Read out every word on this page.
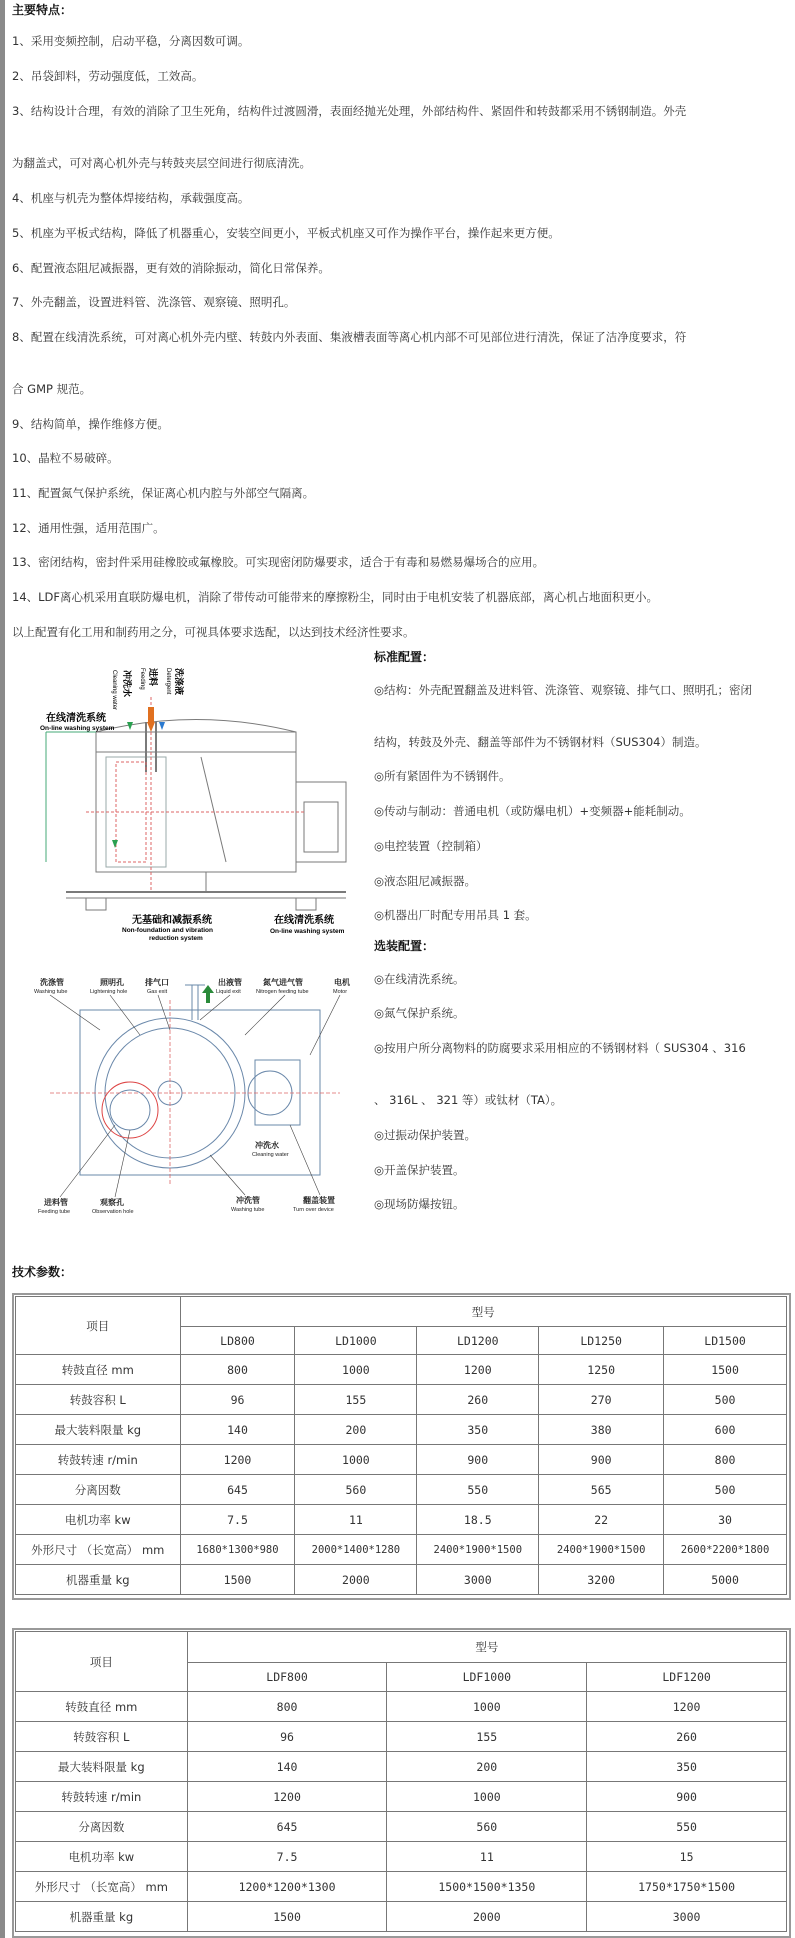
主要特点：
1、采用变频控制，启动平稳，分离因数可调。
2、吊袋卸料，劳动强度低，工效高。
3、结构设计合理，有效的消除了卫生死角，结构件过渡圆滑，表面经抛光处理，外部结构件、紧固件和转鼓都采用不锈钢制造。外壳
为翻盖式，可对离心机外壳与转鼓夹层空间进行彻底清洗。
4、机座与机壳为整体焊接结构，承载强度高。
5、机座为平板式结构，降低了机器重心，安装空间更小，平板式机座又可作为操作平台，操作起来更方便。
6、配置液态阻尼减振器，更有效的消除振动，简化日常保养。
7、外壳翻盖，设置进料管、洗涤管、观察镜、照明孔。
8、配置在线清洗系统，可对离心机外壳内壁、转鼓内外表面、集液槽表面等离心机内部不可见部位进行清洗，保证了洁净度要求，符
合 GMP 规范。
9、结构简单，操作维修方便。
10、晶粒不易破碎。
11、配置氮气保护系统，保证离心机内腔与外部空气隔离。
12、通用性强，适用范围广。
13、密闭结构，密封件采用硅橡胶或氟橡胶。可实现密闭防爆要求，适合于有毒和易燃易爆场合的应用。
14、LDF离心机采用直联防爆电机，消除了带传动可能带来的摩擦粉尘，同时由于电机安装了机器底部，离心机占地面积更小。
以上配置有化工用和制药用之分，可视具体要求选配，以达到技术经济性要求。
冲洗水
Cleaning water	进料
Feeding	洗涤液
Detergent
在线清洗系统
On-line washing system
无基础和减振系统
Non-foundation and vibration
reduction system
在线清洗系统
On-line washing system
洗涤管
Washing tube
照明孔
Lightening hole
排气口
Gas exit
出液管
Liquid exit
氮气进气管
Nitrogen feeding tube
电机
Motor
冲洗水
Cleaning water
进料管
Feeding tube
观察孔
Observation hole
冲洗管
Washing tube
翻盖装置
Turn over device
标准配置：
◎结构：外壳配置翻盖及进料管、洗涤管、观察镜、排气口、照明孔；密闭
结构，转鼓及外壳、翻盖等部件为不锈钢材料（SUS304）制造。
◎所有紧固件为不锈钢件。
◎传动与制动：普通电机（或防爆电机）+变频器+能耗制动。
◎电控装置（控制箱）
◎液态阻尼减振器。
◎机器出厂时配专用吊具 1 套。
选装配置：
◎在线清洗系统。
◎氮气保护系统。
◎按用户所分离物料的防腐要求采用相应的不锈钢材料（ SUS304 、316
、 316L 、 321 等）或钛材（TA）。
◎过振动保护装置。
◎开盖保护装置。
◎现场防爆按钮。
技术参数：
项目	型号				
	LD800	LD1000	LD1200	LD1250	LD1500
转鼓直径 mm	800	1000	1200	1250	1500
转鼓容积 L	96	155	260	270	500
最大装料限量 kg	140	200	350	380	600
转鼓转速 r/min	1200	1000	900	900	800
分离因数	645	560	550	565	500
电机功率 kw	7.5	11	18.5	22	30
外形尺寸 （长宽高） mm	1680*1300*980	2000*1400*1280	2400*1900*1500	2400*1900*1500	2600*2200*1800
机器重量 kg	1500	2000	3000	3200	5000
项目	型号		
	LDF800	LDF1000	LDF1200
转鼓直径 mm	800	1000	1200
转鼓容积 L	96	155	260
最大装料限量 kg	140	200	350
转鼓转速 r/min	1200	1000	900
分离因数	645	560	550
电机功率 kw	7.5	11	15
外形尺寸 （长宽高） mm	1200*1200*1300	1500*1500*1350	1750*1750*1500
机器重量 kg	1500	2000	3000
